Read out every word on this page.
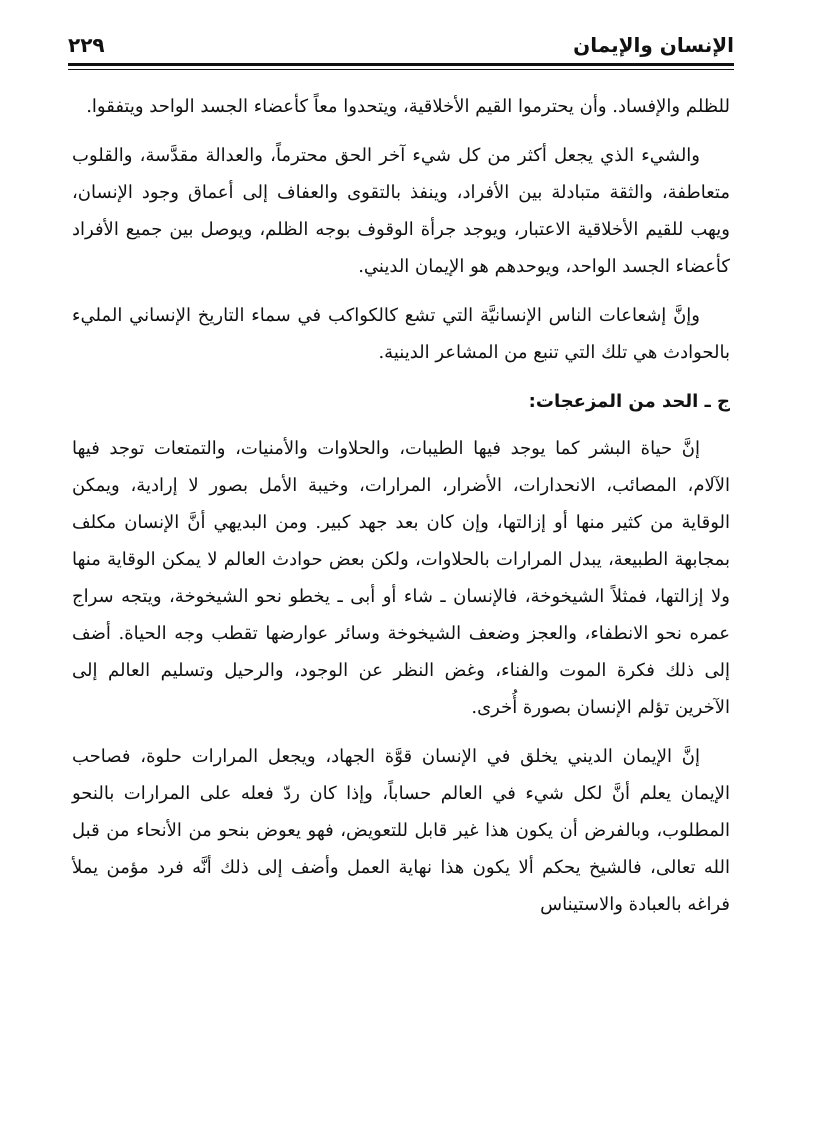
الإنسان والإيمان
٢٢٩

للظلم والإفساد. وأن يحترموا القيم الأخلاقية، ويتحدوا معاً كأعضاء الجسد الواحد ويتفقوا.

والشيء الذي يجعل أكثر من كل شيء آخر الحق محترماً، والعدالة مقدَّسة، والقلوب متعاطفة، والثقة متبادلة بين الأفراد، وينفذ بالتقوى والعفاف إلى أعماق وجود الإنسان، ويهب للقيم الأخلاقية الاعتبار، ويوجد جرأة الوقوف بوجه الظلم، ويوصل بين جميع الأفراد كأعضاء الجسد الواحد، ويوحدهم هو الإيمان الديني.

وإنَّ إشعاعات الناس الإنسانيَّة التي تشع كالكواكب في سماء التاريخ الإنساني المليء بالحوادث هي تلك التي تنبع من المشاعر الدينية.

ج ـ الحد من المزعجات:

إنَّ حياة البشر كما يوجد فيها الطيبات، والحلاوات والأمنيات، والتمتعات توجد فيها الآلام، المصائب، الانحدارات، الأضرار، المرارات، وخيبة الأمل بصور لا إرادية، ويمكن الوقاية من كثير منها أو إزالتها، وإن كان بعد جهد كبير. ومن البديهي أنَّ الإنسان مكلف بمجابهة الطبيعة، يبدل المرارات بالحلاوات، ولكن بعض حوادث العالم لا يمكن الوقاية منها ولا إزالتها، فمثلاً الشيخوخة، فالإنسان ـ شاء أو أبى ـ يخطو نحو الشيخوخة، ويتجه سراج عمره نحو الانطفاء، والعجز وضعف الشيخوخة وسائر عوارضها تقطب وجه الحياة. أضف إلى ذلك فكرة الموت والفناء، وغض النظر عن الوجود، والرحيل وتسليم العالم إلى الآخرين تؤلم الإنسان بصورة أُخرى.

إنَّ الإيمان الديني يخلق في الإنسان قوَّة الجهاد، ويجعل المرارات حلوة، فصاحب الإيمان يعلم أنَّ لكل شيء في العالم حساباً، وإذا كان ردّ فعله على المرارات بالنحو المطلوب، وبالفرض أن يكون هذا غير قابل للتعويض، فهو يعوض بنحو من الأنحاء من قبل الله تعالى، فالشيخ يحكم ألا يكون هذا نهاية العمل وأضف إلى ذلك أنَّه فرد مؤمن يملأ فراغه بالعبادة والاستيناس
